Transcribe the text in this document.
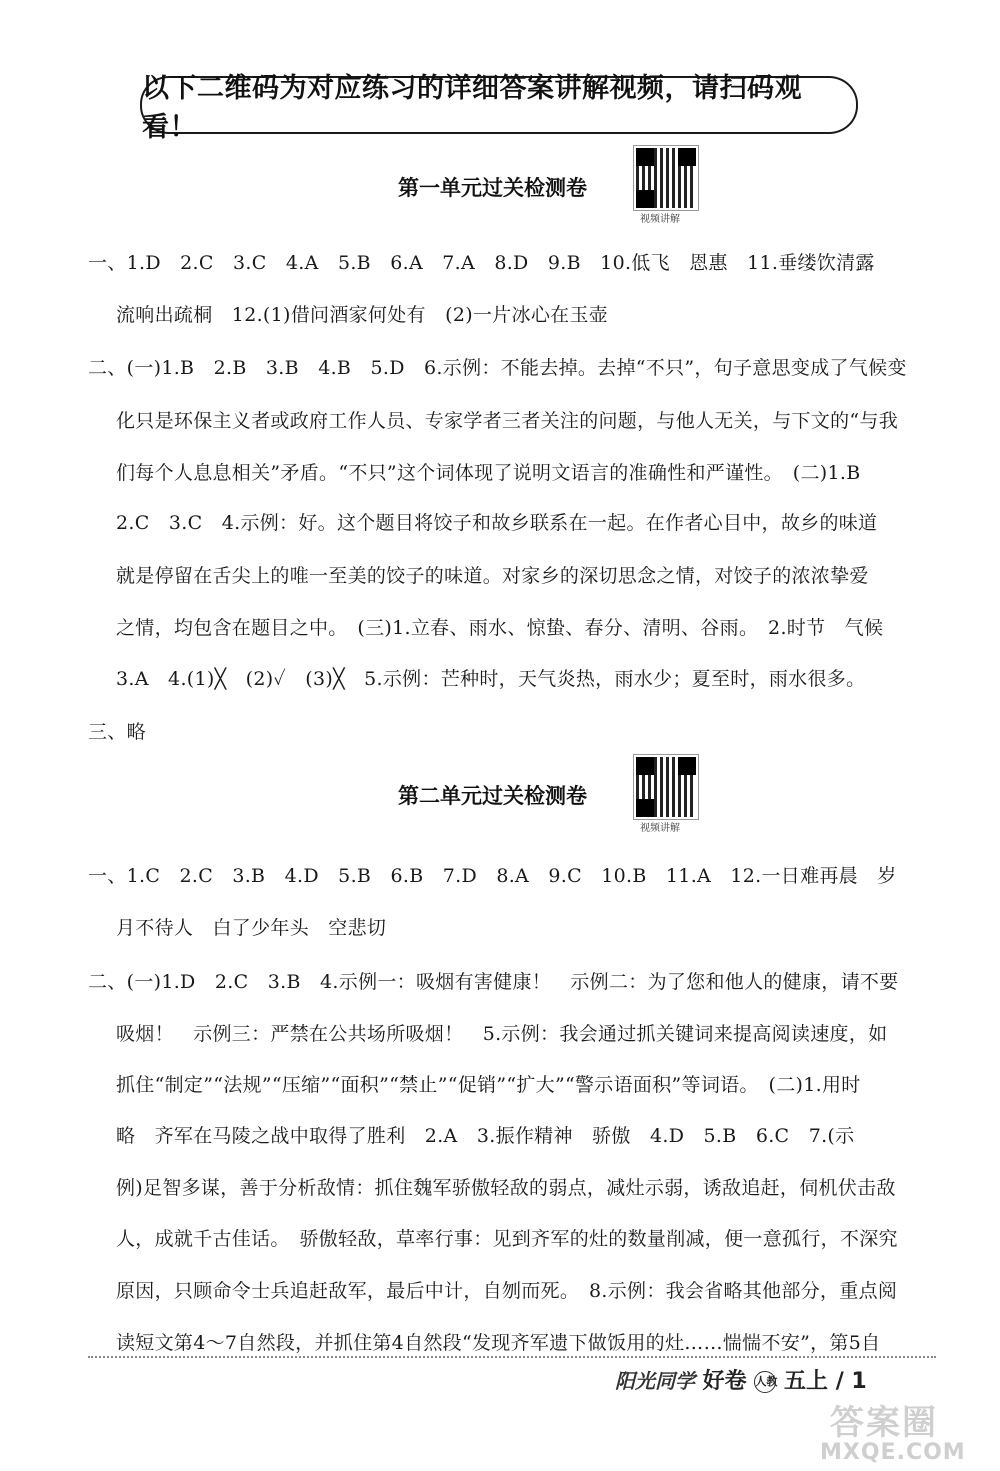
以下二维码为对应练习的详细答案讲解视频，请扫码观看！
第一单元过关检测卷
视频讲解
一、1.D　2.C　3.C　4.A　5.B　6.A　7.A　8.D　9.B　10.低飞　恩惠　11.垂缕饮清露
流响出疏桐　12.(1)借问酒家何处有　(2)一片冰心在玉壶
二、(一)1.B　2.B　3.B　4.B　5.D　6.示例：不能去掉。去掉“不只”，句子意思变成了气候变
化只是环保主义者或政府工作人员、专家学者三者关注的问题，与他人无关，与下文的“与我
们每个人息息相关”矛盾。“不只”这个词体现了说明文语言的准确性和严谨性。　(二)1.B
2.C　3.C　4.示例：好。这个题目将饺子和故乡联系在一起。在作者心目中，故乡的味道
就是停留在舌尖上的唯一至美的饺子的味道。对家乡的深切思念之情，对饺子的浓浓挚爱
之情，均包含在题目之中。　(三)1.立春、雨水、惊蛰、春分、清明、谷雨。　2.时节　气候
3.A　4.(1)╳　(2)✓　(3)╳　5.示例：芒种时，天气炎热，雨水少；夏至时，雨水很多。
三、略
第二单元过关检测卷
视频讲解
一、1.C　2.C　3.B　4.D　5.B　6.B　7.D　8.A　9.C　10.B　11.A　12.一日难再晨　岁
月不待人　白了少年头　空悲切
二、(一)1.D　2.C　3.B　4.示例一：吸烟有害健康！　示例二：为了您和他人的健康，请不要
吸烟！　示例三：严禁在公共场所吸烟！　5.示例：我会通过抓关键词来提高阅读速度，如
抓住“制定”“法规”“压缩”“面积”“禁止”“促销”“扩大”“警示语面积”等词语。　(二)1.用时
略　齐军在马陵之战中取得了胜利　2.A　3.振作精神　骄傲　4.D　5.B　6.C　7.(示
例)足智多谋，善于分析敌情：抓住魏军骄傲轻敌的弱点，减灶示弱，诱敌追赶，伺机伏击敌
人，成就千古佳话。　骄傲轻敌，草率行事：见到齐军的灶的数量削减，便一意孤行，不深究
原因，只顾命令士兵追赶敌军，最后中计，自刎而死。　8.示例：我会省略其他部分，重点阅
读短文第4～7自然段，并抓住第4自然段“发现齐军遗下做饭用的灶……惴惴不安”，第5自
阳光同学 好卷 人教 五上 / 1
答案圈
MXQE.COM
